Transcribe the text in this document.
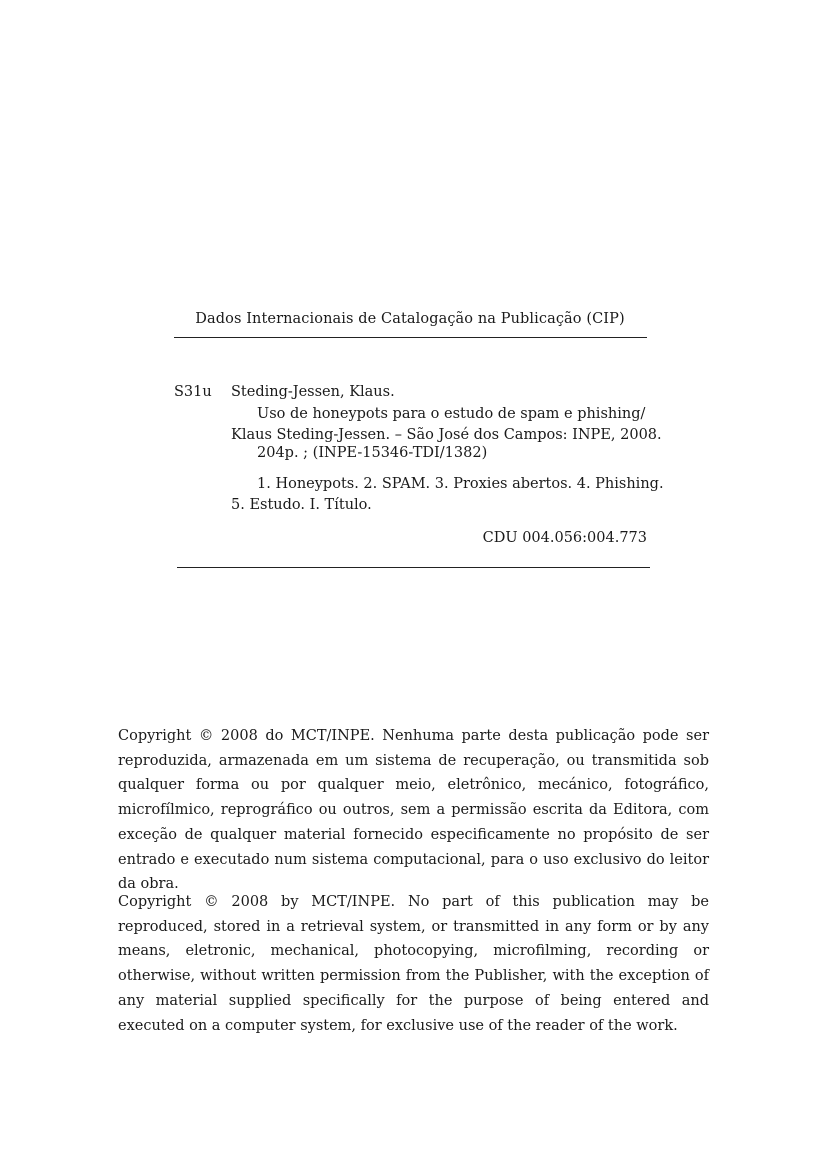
Dados Internacionais de Catalogação na Publicação (CIP)
S31u Steding-Jessen, Klaus.
Uso de honeypots para o estudo de spam e phishing/
Klaus Steding-Jessen. – São José dos Campos: INPE, 2008.
204p. ; (INPE-15346-TDI/1382)
1. Honeypots. 2. SPAM. 3. Proxies abertos. 4. Phishing.
5. Estudo. I. Título.
CDU 004.056:004.773

Copyright © 2008 do MCT/INPE. Nenhuma parte desta publicação pode ser reproduzida, armazenada em um sistema de recuperação, ou transmitida sob qualquer forma ou por qualquer meio, eletrônico, mecánico, fotográfico, microfílmico, reprográfico ou outros, sem a permissão escrita da Editora, com exceção de qualquer material fornecido especificamente no propósito de ser entrado e executado num sistema computacional, para o uso exclusivo do leitor da obra.

Copyright © 2008 by MCT/INPE. No part of this publication may be reproduced, stored in a retrieval system, or transmitted in any form or by any means, eletronic, mechanical, photocopying, microfilming, recording or otherwise, without written permission from the Publisher, with the exception of any material supplied specifically for the purpose of being entered and executed on a computer system, for exclusive use of the reader of the work.
